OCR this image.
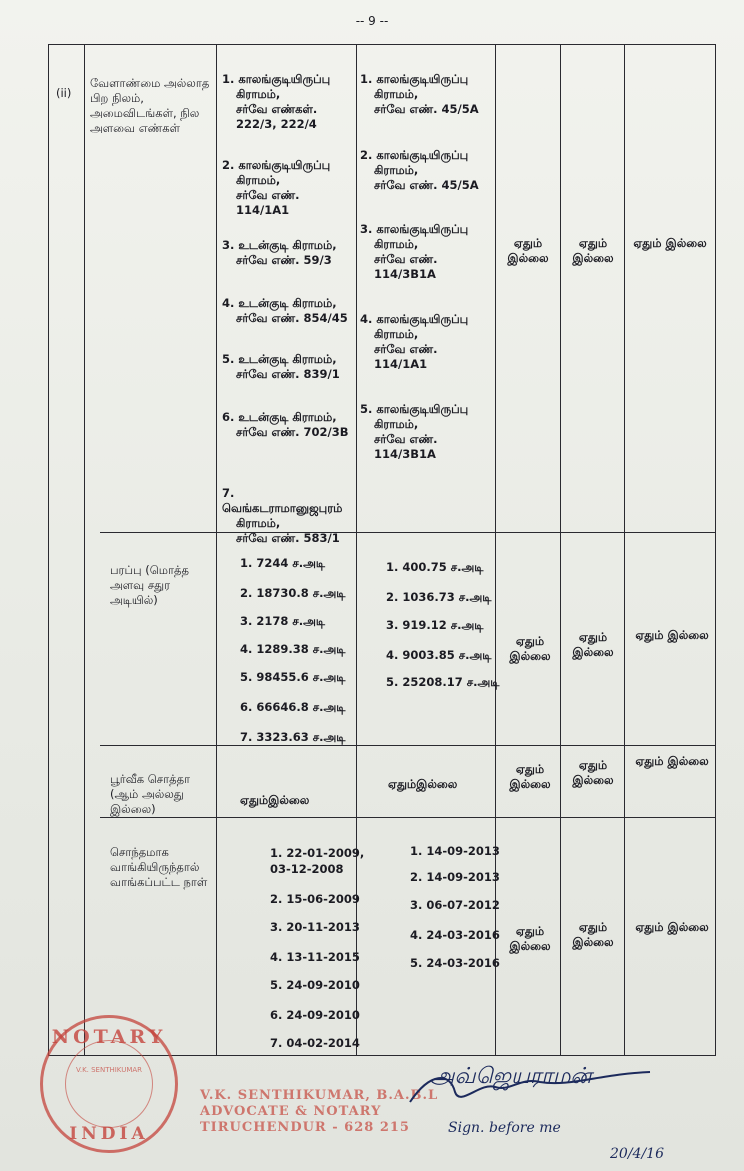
-- 9 --
(ii)
வேளாண்மை அல்லாத பிற நிலம், அமைவிடங்கள், நில அளவை எண்கள்

1. காலங்குடியிருப்பு

கிராமம்,

சர்வே எண்கள்.

222/3, 222/4

2. காலங்குடியிருப்பு

கிராமம்,

சர்வே எண்.

114/1A1

3. உடன்குடி கிராமம்,

சர்வே எண். 59/3

4. உடன்குடி கிராமம்,

சர்வே எண். 854/45

5. உடன்குடி கிராமம்,

சர்வே எண். 839/1

6. உடன்குடி கிராமம்,

சர்வே எண். 702/3B

7. வெங்கடராமானுஜபுரம்

கிராமம்,

சர்வே எண். 583/1

1. காலங்குடியிருப்பு

கிராமம்,

சர்வே எண். 45/5A

2. காலங்குடியிருப்பு

கிராமம்,

சர்வே எண். 45/5A

3. காலங்குடியிருப்பு

கிராமம்,

சர்வே எண்.

114/3B1A

4. காலங்குடியிருப்பு

கிராமம்,

சர்வே எண்.

114/1A1

5. காலங்குடியிருப்பு

கிராமம்,

சர்வே எண்.

114/3B1A

ஏதும் இல்லை
ஏதும் இல்லை
ஏதும் இல்லை
பரப்பு (மொத்த அளவு சதுர அடியில்)
1. 7244 ச.அடி
2. 18730.8 ச.அடி
3. 2178 ச.அடி
4. 1289.38 ச.அடி
5. 98455.6 ச.அடி
6. 66646.8 ச.அடி
7. 3323.63 ச.அடி
1. 400.75 ச.அடி
2. 1036.73 ச.அடி
3. 919.12 ச.அடி
4. 9003.85 ச.அடி
5. 25208.17 ச.அடி
ஏதும் இல்லை
ஏதும் இல்லை
ஏதும் இல்லை
பூர்வீக சொத்தா (ஆம் அல்லது இல்லை)
ஏதும்இல்லை
ஏதும்இல்லை
ஏதும் இல்லை
ஏதும் இல்லை
ஏதும் இல்லை
சொந்தமாக வாங்கியிருந்தால் வாங்கப்பட்ட நாள்
1. 22-01-2009,
03-12-2008
2. 15-06-2009
3. 20-11-2013
4. 13-11-2015
5. 24-09-2010
6. 24-09-2010
7. 04-02-2014
1. 14-09-2013
2. 14-09-2013
3. 06-07-2012
4. 24-03-2016
5. 24-03-2016
ஏதும் இல்லை
ஏதும் இல்லை
ஏதும் இல்லை
NOTARY
V.K. SENTHIKUMAR
INDIA
V.K. SENTHIKUMAR, B.A.B.L
ADVOCATE & NOTARY
TIRUCHENDUR - 628 215
அவ்ஜெயராமன்
Sign. before me
20/4/16
